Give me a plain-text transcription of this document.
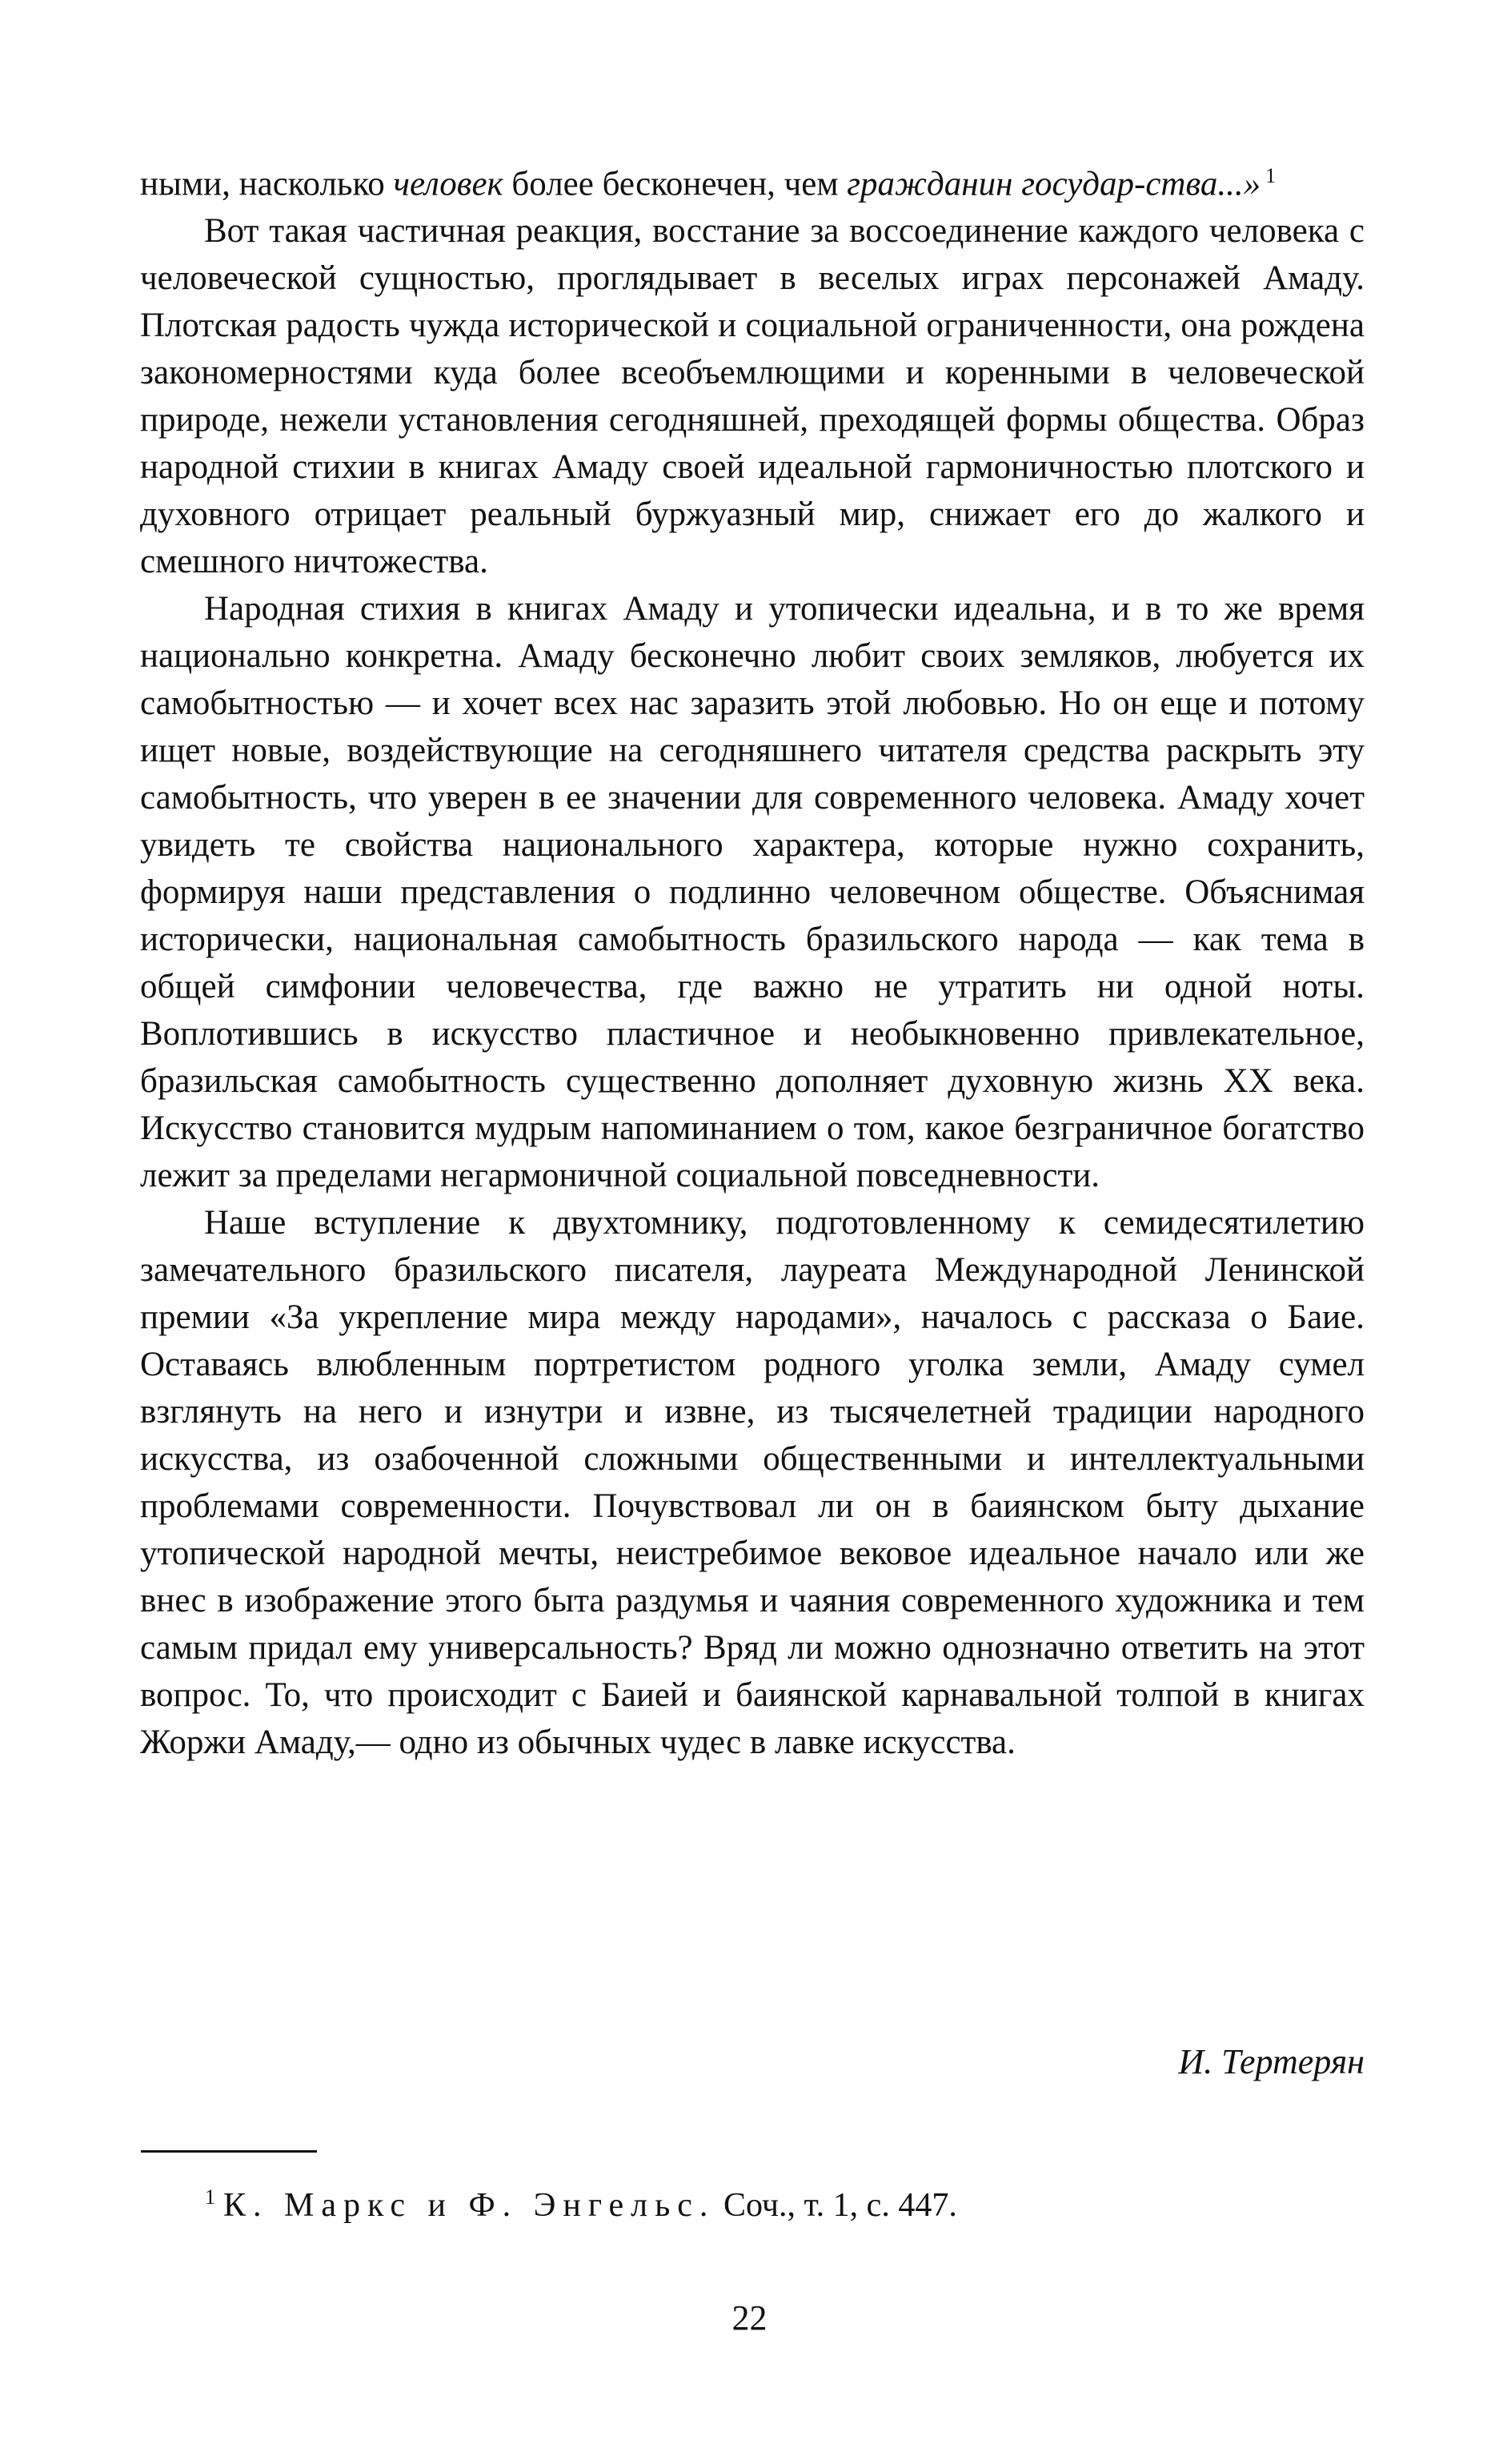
ными, насколько человек более бесконечен, чем гражданин государ-ства...» $^1$

Вот такая частичная реакция, восстание за воссоединение каждого человека с человеческой сущностью, проглядывает в веселых играх персонажей Амаду. Плотская радость чужда исторической и социальной ограниченности, она рождена закономерностями куда более всеобъемлющими и коренными в человеческой природе, нежели установления сегодняшней, преходящей формы общества. Образ народной стихии в книгах Амаду своей идеальной гармоничностью плотского и духовного отрицает реальный буржуазный мир, снижает его до жалкого и смешного ничтожества.

Народная стихия в книгах Амаду и утопически идеальна, и в то же время национально конкретна. Амаду бесконечно любит своих земляков, любуется их самобытностью — и хочет всех нас заразить этой любовью. Но он еще и потому ищет новые, воздействующие на сегодняшнего читателя средства раскрыть эту самобытность, что уверен в ее значении для современного человека. Амаду хочет увидеть те свойства национального характера, которые нужно сохранить, формируя наши представления о подлинно человечном обществе. Объяснимая исторически, национальная самобытность бразильского народа — как тема в общей симфонии человечества, где важно не утратить ни одной ноты. Воплотившись в искусство пластичное и необыкновенно привлекательное, бразильская самобытность существенно дополняет духовную жизнь XX века. Искусство становится мудрым напоминанием о том, какое безграничное богатство лежит за пределами негармоничной социальной повседневности.

Наше вступление к двухтомнику, подготовленному к семидесятилетию замечательного бразильского писателя, лауреата Международной Ленинской премии «За укрепление мира между народами», началось с рассказа о Баие. Оставаясь влюбленным портретистом родного уголка земли, Амаду сумел взглянуть на него и изнутри и извне, из тысячелетней традиции народного искусства, из озабоченной сложными общественными и интеллектуальными проблемами современности. Почувствовал ли он в баиянском быту дыхание утопической народной мечты, неистребимое вековое идеальное начало или же внес в изображение этого быта раздумья и чаяния современного художника и тем самым придал ему универсальность? Вряд ли можно однозначно ответить на этот вопрос. То, что происходит с Баией и баиянской карнавальной толпой в книгах Жоржи Амаду,— одно из обычных чудес в лавке искусства.

И. Тертерян
$^1$ К. Маркс и Ф. Энгельс. Соч., т. 1, с. 447.
22
